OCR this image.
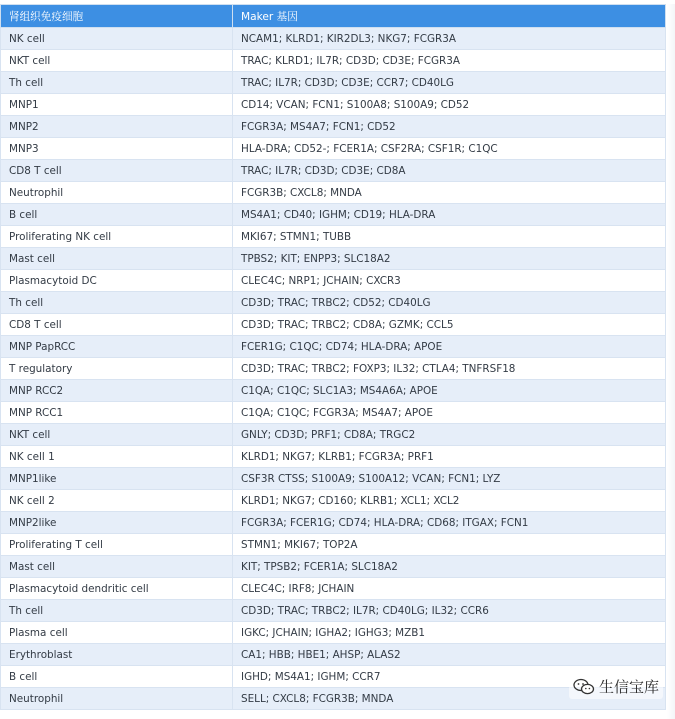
肾组织免疫细胞	Maker 基因
NK cell	NCAM1; KLRD1; KIR2DL3; NKG7; FCGR3A
NKT cell	TRAC; KLRD1; IL7R; CD3D; CD3E; FCGR3A
Th cell	TRAC; IL7R; CD3D; CD3E; CCR7; CD40LG
MNP1	CD14; VCAN; FCN1; S100A8; S100A9; CD52
MNP2	FCGR3A; MS4A7; FCN1; CD52
MNP3	HLA-DRA; CD52-; FCER1A; CSF2RA; CSF1R; C1QC
CD8 T cell	TRAC; IL7R; CD3D; CD3E; CD8A
Neutrophil	FCGR3B; CXCL8; MNDA
B cell	MS4A1; CD40; IGHM; CD19; HLA-DRA
Proliferating NK cell	MKI67; STMN1; TUBB
Mast cell	TPBS2; KIT; ENPP3; SLC18A2
Plasmacytoid DC	CLEC4C; NRP1; JCHAIN; CXCR3
Th cell	CD3D; TRAC; TRBC2; CD52; CD40LG
CD8 T cell	CD3D; TRAC; TRBC2; CD8A; GZMK; CCL5
MNP PapRCC	FCER1G; C1QC; CD74; HLA-DRA; APOE
T regulatory	CD3D; TRAC; TRBC2; FOXP3; IL32; CTLA4; TNFRSF18
MNP RCC2	C1QA; C1QC; SLC1A3; MS4A6A; APOE
MNP RCC1	C1QA; C1QC; FCGR3A; MS4A7; APOE
NKT cell	GNLY; CD3D; PRF1; CD8A; TRGC2
NK cell 1	KLRD1; NKG7; KLRB1; FCGR3A; PRF1
MNP1like	CSF3R CTSS; S100A9; S100A12; VCAN; FCN1; LYZ
NK cell 2	KLRD1; NKG7; CD160; KLRB1; XCL1; XCL2
MNP2like	FCGR3A; FCER1G; CD74; HLA-DRA; CD68; ITGAX; FCN1
Proliferating T cell	STMN1; MKI67; TOP2A
Mast cell	KIT; TPSB2; FCER1A; SLC18A2
Plasmacytoid dendritic cell	CLEC4C; IRF8; JCHAIN
Th cell	CD3D; TRAC; TRBC2; IL7R; CD40LG; IL32; CCR6
Plasma cell	IGKC; JCHAIN; IGHA2; IGHG3; MZB1
Erythroblast	CA1; HBB; HBE1; AHSP; ALAS2
B cell	IGHD; MS4A1; IGHM; CCR7
Neutrophil	SELL; CXCL8; FCGR3B; MNDA
生信宝库
